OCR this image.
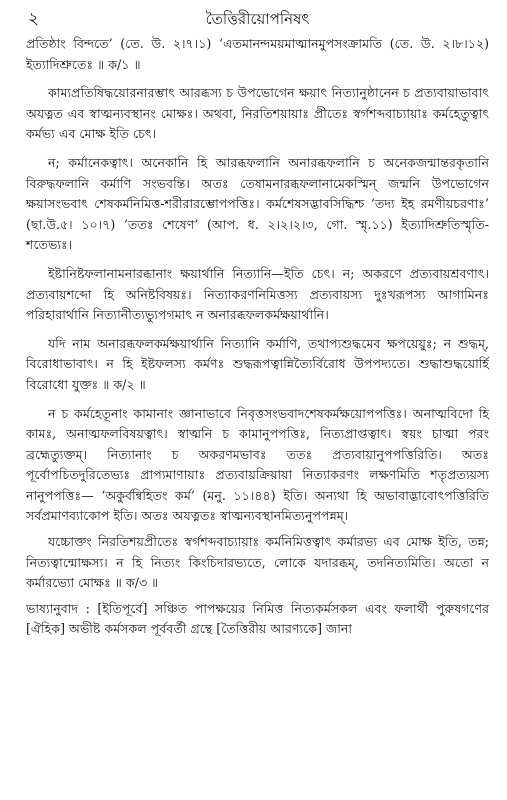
২	তৈত্তিরীয়োপনিষৎ

প্রতিষ্ঠাং বিন্দতে’ (তে. উ. ২।৭।১) ‘এতমানন্দময়মাত্মানমুপসংক্রামতি (তে. উ. ২।৮।১২) ইত্যাদিশ্রুতেঃ ॥ ক/১ ॥

কাম্যপ্রতিষিদ্ধয়োরনারম্ভাৎ আরব্ধস্য চ উপভোগেন ক্ষয়াৎ নিত্যানুষ্ঠানেন চ প্রত্যবায়াভাবাৎ অযত্নত এব স্বাত্মন্যবস্থানং মোক্ষঃ। অথবা, নিরতিশয়ায়াঃ প্রীতেঃ স্বর্গশব্দবাচ্যায়াঃ কর্মহেতুত্বাৎ কর্মভ্য এব মোক্ষ ইতি চেৎ।

ন; কর্মানেকত্বাৎ। অনেকানি হি আরব্ধফলানি অনারব্ধফলানি চ অনেকজন্মান্তরকৃতানি বিরুদ্ধফলানি কর্মাণি সংভবন্তি। অতঃ তেষামনারব্ধফলানামেকস্মিন্ জন্মনি উপভোগেন ক্ষয়াসংভবাৎ শেষকর্মনিমিত্ত-শরীরারম্ভোপপত্তিঃ। কর্মশেষসদ্ভাবসিদ্ধিশ্চ ‘তদ্য ইহ রমণীয়চরণাঃ’ (ছা.উ.৫। ১০।৭) ‘ততঃ শেষেণ’ (আপ. ধ. ২।২।২।৩, গো. স্মৃ.১১) ইত্যাদিশ্রুতিস্মৃতি-শতেভ্যঃ।

ইষ্টানিষ্টফলানামনারব্ধানাং ক্ষয়ার্থানি নিত্যানি—ইতি চেৎ। ন; অকরণে প্রত্যবায়শ্রবণাৎ। প্রত্যবায়শব্দো হি অনিষ্টবিষয়ঃ। নিত্যাকরণনিমিত্তস্য প্রত্যবায়স্য দুঃখরূপস্য আগামিনঃ পরিহারার্থানি নিত্যানীত্যভ্যুপগমাৎ ন অনারব্ধফলকর্মক্ষয়ার্থানি।

যদি নাম অনারব্ধফলকর্মক্ষয়ার্থানি নিত্যানি কর্মাণি, তথাপ্যশুদ্ধমেব ক্ষপয়েয়ুঃ; ন শুদ্ধম্, বিরোধাভাবাৎ। ন হি ইষ্টফলস্য কর্মণঃ শুদ্ধরূপত্বান্নিত্যৈর্বিরোধ উপপদ্যতে। শুদ্ধাশুদ্ধয়োর্হি বিরোধো যুক্তঃ ॥ ক/২ ॥

ন চ কর্মহেতূনাং কামানাং জ্ঞানাভাবে নিবৃত্তসংভবাদশেষকর্মক্ষয়োপপত্তিঃ। অনাত্মবিদো হি কামঃ, অনাত্মফলবিষয়ত্বাৎ। স্বাত্মনি চ কামানুপপত্তিঃ, নিত্যপ্রাপ্তত্বাৎ। স্বয়ং চাত্মা পরং ব্রহ্মেত্যুক্তম্। নিত্যানাং চ অকরণমভাবঃ ততঃ প্রত্যবায়ানুপপত্তিরিতি। অতঃ পূর্বোপচিতদুরিতেভ্যঃ প্রাপ্যমাণায়াঃ প্রত্যবায়ক্রিয়ায়া নিত্যাকরণং লক্ষণমিতি শতৃপ্রত্যয়স্য নানুপপত্তিঃ— ‘অকুর্বন্বিহিতং কর্ম’ (মনু. ১১।৪৪) ইতি। অন্যথা হি অভাবাদ্ভাবোৎপত্তিরিতি সর্বপ্রমাণব্যাকোপ ইতি। অতঃ অযত্নতঃ স্বাত্মন্যবস্থানমিত্যনুপপন্নম্।

যচ্চোক্তং নিরতিশয়প্রীতেঃ স্বর্গশব্দবাচ্যায়াঃ কর্মনিমিত্তত্বাৎ কর্মারভ্য এব মোক্ষ ইতি, তন্ন; নিত্যত্বান্মোক্ষস্য। ন হি নিত্যং কিংচিদারভ্যতে, লোকে যদারব্ধম্, তদনিত্যমিতি। অতো ন কর্মারভ্যো মোক্ষঃ ॥ ক/৩ ॥

ভাষ্যানুবাদ : [ইতিপূর্বে] সঞ্চিত পাপক্ষয়ের নিমিত্ত নিত্যকর্মসকল এবং ফলার্থী পুরুষগণের [ঐহিক] অভীষ্ট কর্মসকল পূর্ববর্তী গ্রন্থে [তৈত্তিরীয় আরণ্যকে] জানা
